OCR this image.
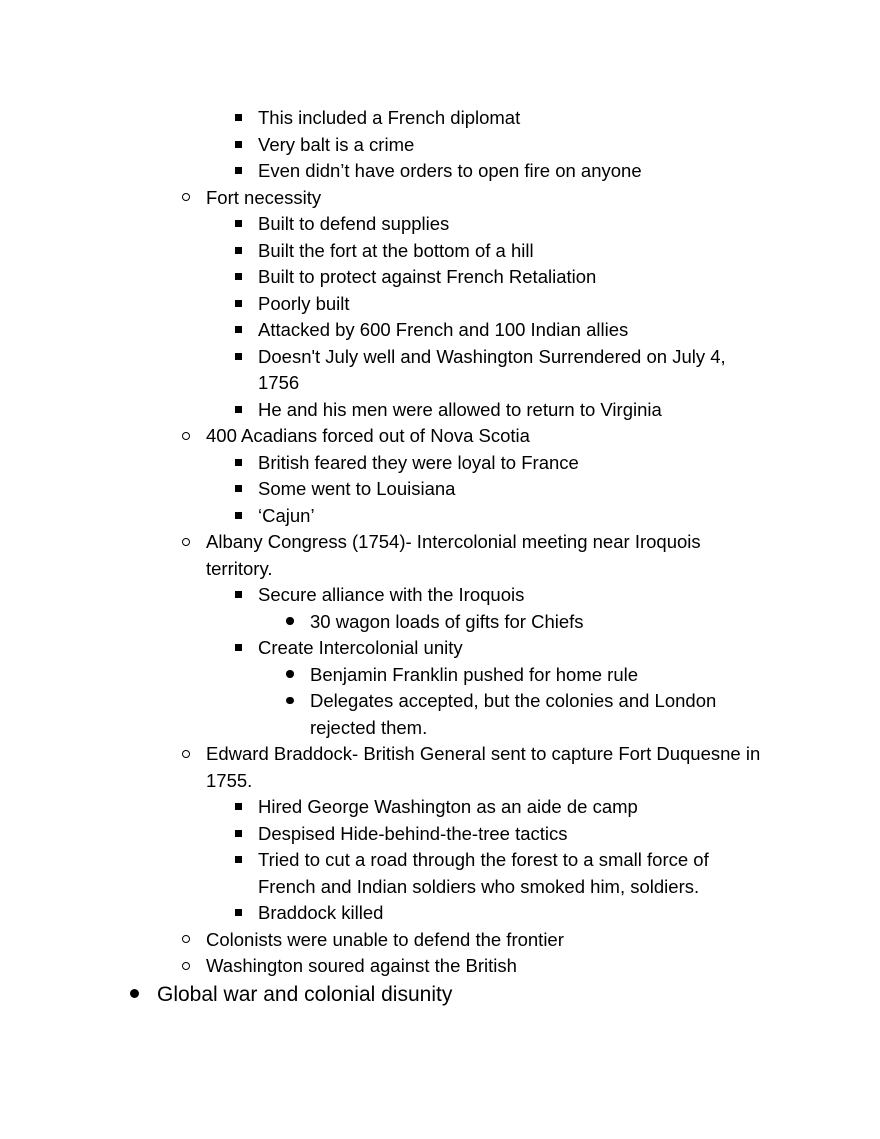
This included a French diplomat
Very balt is a crime
Even didn’t have orders to open fire on anyone
Fort necessity
Built to defend supplies
Built the fort at the bottom of a hill
Built to protect against French Retaliation
Poorly built
Attacked by 600 French and 100 Indian allies
Doesn't July well and Washington Surrendered on July 4, 1756
He and his men were allowed to return to Virginia
400 Acadians forced out of Nova Scotia
British feared they were loyal to France
Some went to Louisiana
‘Cajun’
Albany Congress (1754)- Intercolonial meeting near Iroquois territory.
Secure alliance with the Iroquois
30 wagon loads of gifts for Chiefs
Create Intercolonial unity
Benjamin Franklin pushed for home rule
Delegates accepted, but the colonies and London rejected them.
Edward Braddock- British General sent to capture Fort Duquesne in 1755.
Hired George Washington as an aide de camp
Despised Hide-behind-the-tree tactics
Tried to cut a road through the forest to a small force of French and Indian soldiers who smoked him, soldiers.
Braddock killed
Colonists were unable to defend the frontier
Washington soured against the British
Global war and colonial disunity
